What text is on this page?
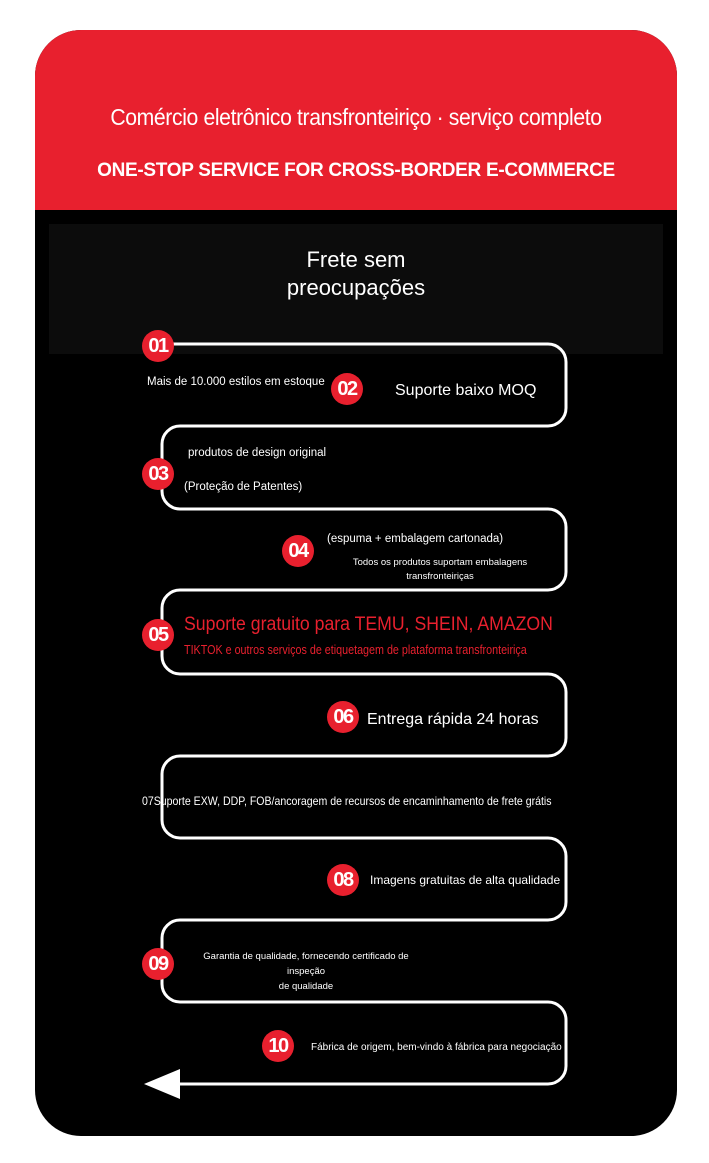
Comércio eletrônico transfronteiriço · serviço completo
ONE-STOP SERVICE FOR CROSS-BORDER E-COMMERCE
Frete sem
preocupações
01
Mais de 10.000 estilos em estoque 02	Suporte baixo MOQ
03
produtos de design original
(Proteção de Patentes)
04
(espuma + embalagem cartonada)
Todos os produtos suportam embalagens
transfronteiriças
05 Suporte gratuito para TEMU, SHEIN, AMAZON
TIKTOK e outros serviços de etiquetagem de plataforma transfronteiriça
06 Entrega rápida 24 horas
07Suporte EXW, DDP, FOB/ancoragem de recursos de encaminhamento de frete grátis
08	Imagens gratuitas de alta qualidade
09	Garantia de qualidade, fornecendo certificado de inspeção
de qualidade
10	Fábrica de origem, bem-vindo à fábrica para negociação
